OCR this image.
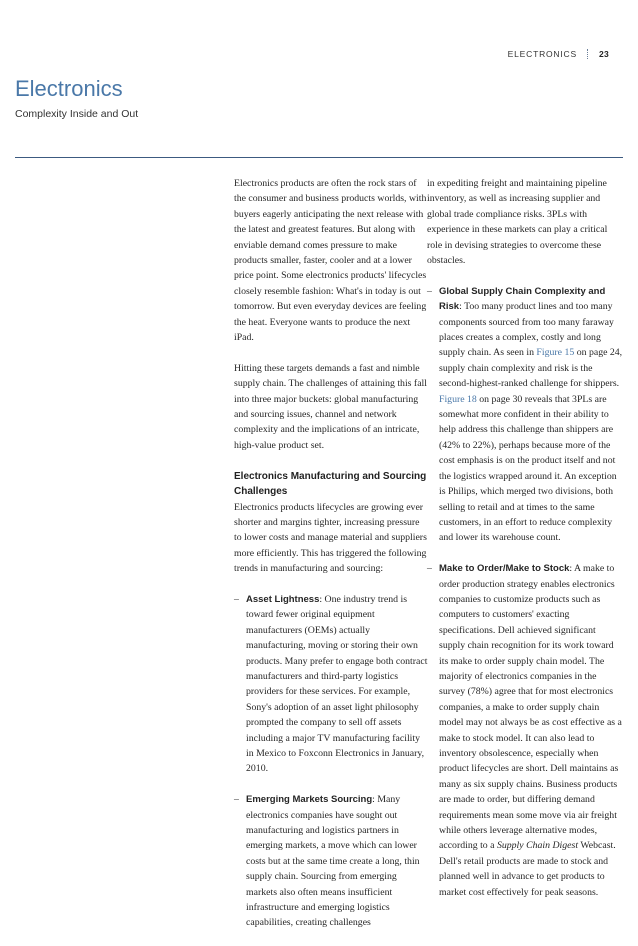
ELECTRONICS	23
Electronics
Complexity Inside and Out

Electronics products are often the rock stars of the consumer and business products worlds, with buyers eagerly anticipating the next release with the latest and greatest features. But along with enviable demand comes pressure to make products smaller, faster, cooler and at a lower price point. Some electronics products' lifecycles closely resemble fashion: What's in today is out tomorrow. But even everyday devices are feeling the heat. Everyone wants to produce the next iPad.

Hitting these targets demands a fast and nimble supply chain. The challenges of attaining this fall into three major buckets: global manufacturing and sourcing issues, channel and network complexity and the implications of an intricate, high-value product set.

Electronics Manufacturing and Sourcing Challenges

Electronics products lifecycles are growing ever shorter and margins tighter, increasing pressure to lower costs and manage material and suppliers more efficiently. This has triggered the following trends in manufacturing and sourcing:

– Asset Lightness: One industry trend is toward fewer original equipment manufacturers (OEMs) actually manufacturing, moving or storing their own products. Many prefer to engage both contract manufacturers and third-party logistics providers for these services. For example, Sony's adoption of an asset light philosophy prompted the company to sell off assets including a major TV manufacturing facility in Mexico to Foxconn Electronics in January, 2010.
– Emerging Markets Sourcing: Many electronics companies have sought out manufacturing and logistics partners in emerging markets, a move which can lower costs but at the same time create a long, thin supply chain. Sourcing from emerging markets also often means insufficient infrastructure and emerging logistics capabilities, creating challenges
in expediting freight and maintaining pipeline inventory, as well as increasing supplier and global trade compliance risks. 3PLs with experience in these markets can play a critical role in devising strategies to overcome these obstacles.
– Global Supply Chain Complexity and Risk: Too many product lines and too many components sourced from too many faraway places creates a complex, costly and long supply chain. As seen in Figure 15 on page 24, supply chain complexity and risk is the second-highest-ranked challenge for shippers. Figure 18 on page 30 reveals that 3PLs are somewhat more confident in their ability to help address this challenge than shippers are (42% to 22%), perhaps because more of the cost emphasis is on the product itself and not the logistics wrapped around it. An exception is Philips, which merged two divisions, both selling to retail and at times to the same customers, in an effort to reduce complexity and lower its warehouse count.
– Make to Order/Make to Stock: A make to order production strategy enables electronics companies to customize products such as computers to customers' exacting specifications. Dell achieved significant supply chain recognition for its work toward its make to order supply chain model. The majority of electronics companies in the survey (78%) agree that for most electronics companies, a make to order supply chain model may not always be as cost effective as a make to stock model. It can also lead to inventory obsolescence, especially when product lifecycles are short. Dell maintains as many as six supply chains. Business products are made to order, but differing demand requirements mean some move via air freight while others leverage alternative modes, according to a Supply Chain Digest Webcast. Dell's retail products are made to stock and planned well in advance to get products to market cost effectively for peak seasons.
